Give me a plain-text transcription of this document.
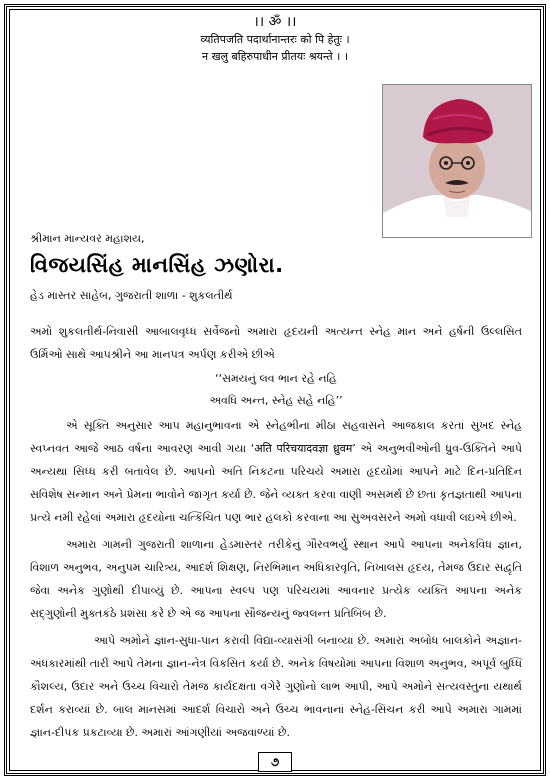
।। ॐ ।।
व्यतिपजति पदार्थानान्तरः को पि हेतुः ।
न खलु बहिरुपाधीन प्रीतयः श्रयन्ते । ।
શ્રીમાન માન્યવર મહાશય,
વિજયસિંહ માનસિંહ ઝણોરા.
હેડ માસ્તર સાહેબ, ગુજરાતી શાળા - શુકલતીર્થ

અમો શુકલતીર્થ-નિવાસી આબાલવૃધ્ધ સર્વેજનો અમારા હૃદયની અત્યન્ત સ્નેહ માન અને હર્ષની ઉલ્લસિત ઉર્મિઓ સાથે આપશ્રીને આ માનપત્ર અર્પણ કરીએ છીએ

‘‘સમયનું લવ ભાન રહે નહિ
અવધિ અન્ત, સ્નેહ સહે નહિ’’

એ સૂક્તિ અનુસાર આપ મહાનુભાવના એ સ્નેહભીના મીઠા સહવાસને આજકાલ કરતાં સુખદ સ્નેહ સ્વપ્નવત આજે આઠ વર્ષના આવરણ આવી ગયા ‘अति परिचयादवज्ञा ध्रुवम’ એ અનુભવીઓની ધ્રુવ-ઉક્તિને આપે અન્યથા સિધ્ધ કરી બતાવેલ છે. આપનો અતિ નિકટના પરિચયે અમારા હૃદયોમાં આપને માટે દિન-પ્રતિદિન સવિશેષ સન્માન અને પ્રેમના ભાવોને જાગૃત કર્યા છે. જેને વ્યક્ત કરવા વાણી અસમર્થ છે છતાં કૃતજ્ઞતાથી આપના પ્રત્યે નમી રહેલાં અમારા હૃદયોના ચત્કિંચિત પણ ભાર હલકો કરવાના આ સુઅવસરને અમો વધાવી લઇએ છીએ.

અમારા ગામની ગુજરાતી શાળાના હેડમાસ્તર તરીકેનું ગૌરવભર્યુ સ્થાન આપે આપના અનેકવિધ જ્ઞાન, વિશાળ અનુભવ, અનુપમ ચારિત્ર્ય, આદર્શ શિક્ષણ, નિરભિમાન અધિકારવૃતિ, નિખાલસ હૃદય, તેમજ ઉદાર સદ્વૃતિ જેવા અનેક ગુણોથી દીપાવ્યું છે. આપના સ્વલ્પ પણ પરિચયમાં આવનાર પ્રત્યેક વ્યક્તિ આપના અનેક સદ્ગુણોની મુક્તકંઠે પ્રશંસા કરે છે એ જ આપના સૌજન્યનું જ્વલન્ત પ્રતિબિંબ છે.

આપે અમોને જ્ઞાન-સુધા-પાન કરાવી વિદ્યા-વ્યાસંગી બનાવ્યા છે. અમારાં અબોધ બાલકોને અજ્ઞાન-અંધકારમાંથી તારી આપે તેમના જ્ઞાન-નેત્ર વિકસિત કર્યા છે. અનેક વિષયોમાં આપના વિશાળ અનુભવ, અપૂર્વ બુધ્ધિ કૌશલ્ય, ઉદાર અને ઉચ્ચ વિચારો તેમજ કાર્યદક્ષતા વગેરે ગુણોનો લાભ આપી, આપે અમોને સત્યવસ્તુના યથાર્થ દર્શન કરાવ્યાં છે. બાલ માનસમાં આદર્શ વિચારો અને ઉચ્ચ ભાવનાનાં સ્નેહ-સિંચન કરી આપે અમારા ગામમાં જ્ઞાન-દીપક પ્રકટાવ્યા છે. અમારાં આંગણીયાં અજવાળ્યાં છે.

૭
